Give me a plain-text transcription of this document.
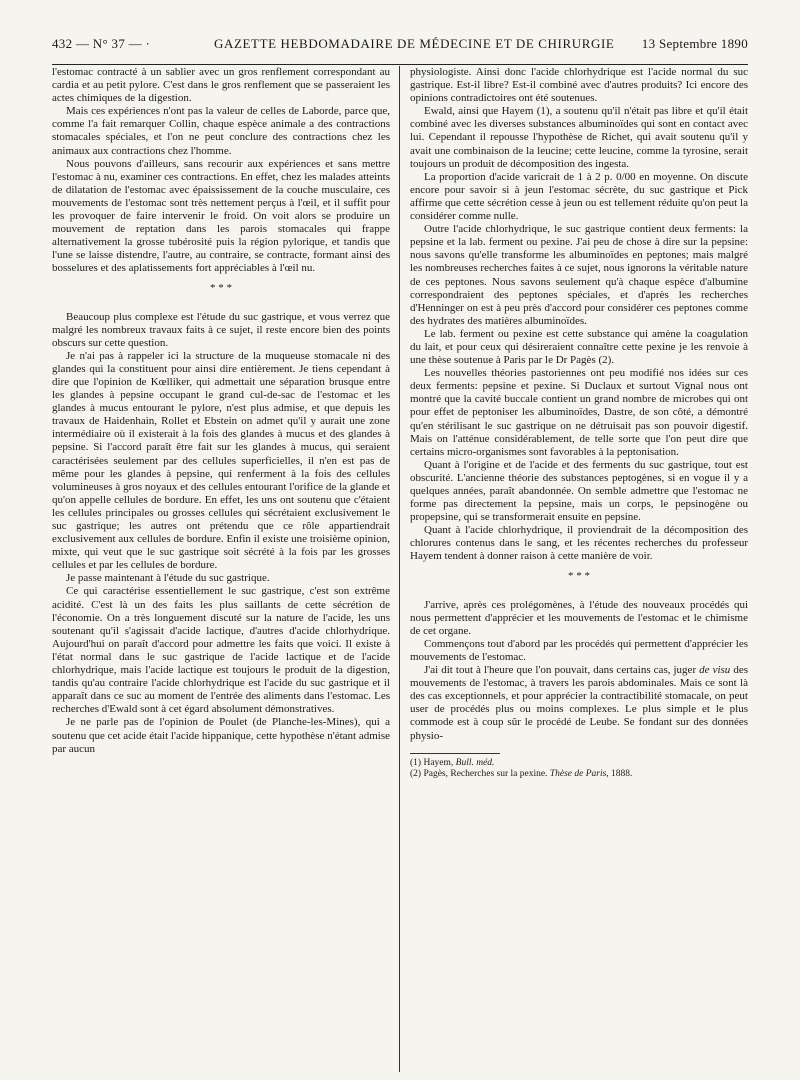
432 — N° 37 — ·	GAZETTE HEBDOMADAIRE DE MÉDECINE ET DE CHIRURGIE 13 Septembre 1890

l'estomac contracté à un sablier avec un gros renflement correspondant au cardia et au petit pylore. C'est dans le gros renflement que se passeraient les actes chimiques de la digestion.

Mais ces expériences n'ont pas la valeur de celles de Laborde, parce que, comme l'a fait remarquer Collin, chaque espèce animale a des contractions stomacales spéciales, et l'on ne peut conclure des contractions chez les animaux aux contractions chez l'homme.

Nous pouvons d'ailleurs, sans recourir aux expériences et sans mettre l'estomac à nu, examiner ces contractions. En effet, chez les malades atteints de dilatation de l'estomac avec épaississement de la couche musculaire, ces mouvements de l'estomac sont très nettement perçus à l'œil, et il suffit pour les provoquer de faire intervenir le froid. On voit alors se produire un mouvement de reptation dans les parois stomacales qui frappe alternativement la grosse tubérosité puis la région pylorique, et tandis que l'une se laisse distendre, l'autre, au contraire, se contracte, formant ainsi des bosselures et des aplatissements fort appréciables à l'œil nu.

* * *

Beaucoup plus complexe est l'étude du suc gastrique, et vous verrez que malgré les nombreux travaux faits à ce sujet, il reste encore bien des points obscurs sur cette question.

Je n'ai pas à rappeler ici la structure de la muqueuse stomacale ni des glandes qui la constituent pour ainsi dire entièrement. Je tiens cependant à dire que l'opinion de Kœlliker, qui admettait une séparation brusque entre les glandes à pepsine occupant le grand cul-de-sac de l'estomac et les glandes à mucus entourant le pylore, n'est plus admise, et que depuis les travaux de Haidenhain, Rollet et Ebstein on admet qu'il y aurait une zone intermédiaire où il existerait à la fois des glandes à mucus et des glandes à pepsine. Si l'accord paraît être fait sur les glandes à mucus, qui seraient caractérisées seulement par des cellules superficielles, il n'en est pas de même pour les glandes à pepsine, qui renferment à la fois des cellules volumineuses à gros noyaux et des cellules entourant l'orifice de la glande et qu'on appelle cellules de bordure. En effet, les uns ont soutenu que c'étaient les cellules principales ou grosses cellules qui sécrétaient exclusivement le suc gastrique; les autres ont prétendu que ce rôle appartiendrait exclusivement aux cellules de bordure. Enfin il existe une troisième opinion, mixte, qui veut que le suc gastrique soit sécrété à la fois par les grosses cellules et par les cellules de bordure.

Je passe maintenant à l'étude du suc gastrique.

Ce qui caractérise essentiellement le suc gastrique, c'est son extrême acidité. C'est là un des faits les plus saillants de cette sécrétion de l'économie. On a très longuement discuté sur la nature de l'acide, les uns soutenant qu'il s'agissait d'acide lactique, d'autres d'acide chlorhydrique. Aujourd'hui on paraît d'accord pour admettre les faits que voici. Il existe à l'état normal dans le suc gastrique de l'acide lactique et de l'acide chlorhydrique, mais l'acide lactique est toujours le produit de la digestion, tandis qu'au contraire l'acide chlorhydrique est l'acide du suc gastrique et il apparaît dans ce suc au moment de l'entrée des aliments dans l'estomac. Les recherches d'Ewald sont à cet égard absolument démonstratives.

Je ne parle pas de l'opinion de Poulet (de Planche-les-Mines), qui a soutenu que cet acide était l'acide hippanique, cette hypothèse n'étant admise par aucun

physiologiste. Ainsi donc l'acide chlorhydrique est l'acide normal du suc gastrique. Est-il libre? Est-il combiné avec d'autres produits? Ici encore des opinions contradictoires ont été soutenues.

Ewald, ainsi que Hayem (1), a soutenu qu'il n'était pas libre et qu'il était combiné avec les diverses substances albuminoïdes qui sont en contact avec lui. Cependant il repousse l'hypothèse de Richet, qui avait soutenu qu'il y avait une combinaison de la leucine; cette leucine, comme la tyrosine, serait toujours un produit de décomposition des ingesta.

La proportion d'acide varicrait de 1 à 2 p. 0/00 en moyenne. On discute encore pour savoir si à jeun l'estomac sécrète, du suc gastrique et Pick affirme que cette sécrétion cesse à jeun ou est tellement réduite qu'on peut la considérer comme nulle.

Outre l'acide chlorhydrique, le suc gastrique contient deux ferments: la pepsine et la lab. ferment ou pexine. J'ai peu de chose à dire sur la pepsine: nous savons qu'elle transforme les albuminoïdes en peptones; mais malgré les nombreuses recherches faites à ce sujet, nous ignorons la véritable nature de ces peptones. Nous savons seulement qu'à chaque espèce d'albumine correspondraient des peptones spéciales, et d'après les recherches d'Henninger on est à peu près d'accord pour considérer ces peptones comme des hydrates des matières albuminoïdes.

Le lab. ferment ou pexine est cette substance qui amène la coagulation du lait, et pour ceux qui désireraient connaître cette pexine je les renvoie à une thèse soutenue à Paris par le Dr Pagès (2).

Les nouvelles théories pastoriennes ont peu modifié nos idées sur ces deux ferments: pepsine et pexine. Si Duclaux et surtout Vignal nous ont montré que la cavité buccale contient un grand nombre de microbes qui ont pour effet de peptoniser les albuminoïdes, Dastre, de son côté, a démontré qu'en stérilisant le suc gastrique on ne détruisait pas son pouvoir digestif. Mais on l'atténue considérablement, de telle sorte que l'on peut dire que certains micro-organismes sont favorables à la peptonisation.

Quant à l'origine et de l'acide et des ferments du suc gastrique, tout est obscurité. L'ancienne théorie des substances peptogènes, si en vogue il y a quelques années, paraît abandonnée. On semble admettre que l'estomac ne forme pas directement la pepsine, mais un corps, le pepsinogène ou propepsine, qui se transformerait ensuite en pepsine.

Quant à l'acide chlorhydrique, il proviendrait de la décomposition des chlorures contenus dans le sang, et les récentes recherches du professeur Hayem tendent à donner raison à cette manière de voir.

* * *

J'arrive, après ces prolégomènes, à l'étude des nouveaux procédés qui nous permettent d'apprécier et les mouvements de l'estomac et le chimisme de cet organe.

Commençons tout d'abord par les procédés qui permettent d'apprécier les mouvements de l'estomac.

J'ai dit tout à l'heure que l'on pouvait, dans certains cas, juger de visu des mouvements de l'estomac, à travers les parois abdominales. Mais ce sont là des cas exceptionnels, et pour apprécier la contractibilité stomacale, on peut user de procédés plus ou moins complexes. Le plus simple et le plus commode est à coup sûr le procédé de Leube. Se fondant sur des données physio-

(1) Hayem, Bull. méd.

(2) Pagès, Recherches sur la pexine. Thèse de Paris, 1888.
